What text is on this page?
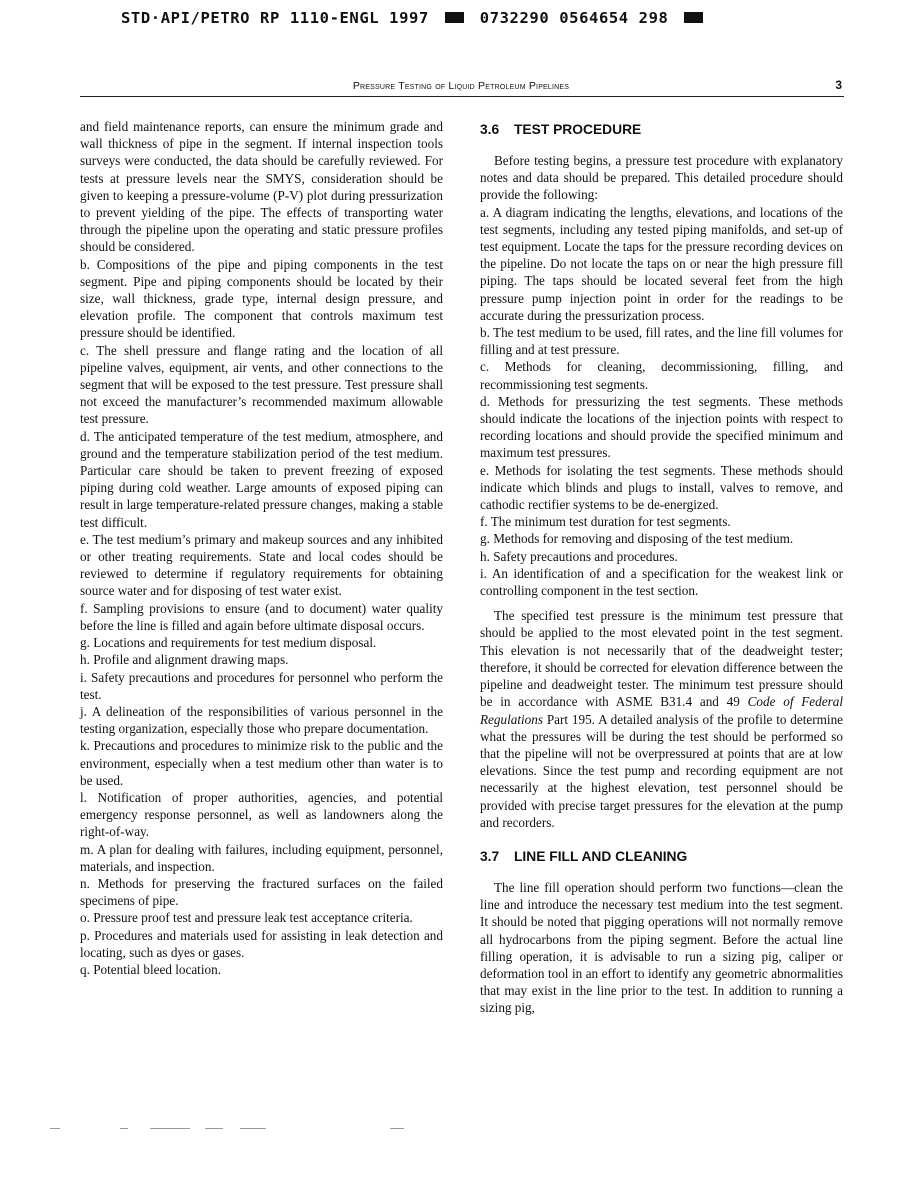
STD·API/PETRO RP 1110-ENGL 1997	0732290 0564654 298
Pressure Testing of Liquid Petroleum Pipelines	3

and field maintenance reports, can ensure the minimum grade and wall thickness of pipe in the segment. If internal inspection tools surveys were conducted, the data should be carefully reviewed. For tests at pressure levels near the SMYS, consideration should be given to keeping a pressure-volume (P-V) plot during pressurization to prevent yielding of the pipe. The effects of transporting water through the pipeline upon the operating and static pressure profiles should be considered.

b. Compositions of the pipe and piping components in the test segment. Pipe and piping components should be located by their size, wall thickness, grade type, internal design pressure, and elevation profile. The component that controls maximum test pressure should be identified.

c. The shell pressure and flange rating and the location of all pipeline valves, equipment, air vents, and other connections to the segment that will be exposed to the test pressure. Test pressure shall not exceed the manufacturer’s recommended maximum allowable test pressure.

d. The anticipated temperature of the test medium, atmosphere, and ground and the temperature stabilization period of the test medium. Particular care should be taken to prevent freezing of exposed piping during cold weather. Large amounts of exposed piping can result in large temperature-related pressure changes, making a stable test difficult.

e. The test medium’s primary and makeup sources and any inhibited or other treating requirements. State and local codes should be reviewed to determine if regulatory requirements for obtaining source water and for disposing of test water exist.

f. Sampling provisions to ensure (and to document) water quality before the line is filled and again before ultimate disposal occurs.

g. Locations and requirements for test medium disposal.

h. Profile and alignment drawing maps.

i. Safety precautions and procedures for personnel who perform the test.

j. A delineation of the responsibilities of various personnel in the testing organization, especially those who prepare documentation.

k. Precautions and procedures to minimize risk to the public and the environment, especially when a test medium other than water is to be used.

l. Notification of proper authorities, agencies, and potential emergency response personnel, as well as landowners along the right-of-way.

m. A plan for dealing with failures, including equipment, personnel, materials, and inspection.

n. Methods for preserving the fractured surfaces on the failed specimens of pipe.

o. Pressure proof test and pressure leak test acceptance criteria.

p. Procedures and materials used for assisting in leak detection and locating, such as dyes or gases.

q. Potential bleed location.

3.6 TEST PROCEDURE

Before testing begins, a pressure test procedure with explanatory notes and data should be prepared. This detailed procedure should provide the following:

a. A diagram indicating the lengths, elevations, and locations of the test segments, including any tested piping manifolds, and set-up of test equipment. Locate the taps for the pressure recording devices on the pipeline. Do not locate the taps on or near the high pressure fill piping. The taps should be located several feet from the high pressure pump injection point in order for the readings to be accurate during the pressurization process.

b. The test medium to be used, fill rates, and the line fill volumes for filling and at test pressure.

c. Methods for cleaning, decommissioning, filling, and recommissioning test segments.

d. Methods for pressurizing the test segments. These methods should indicate the locations of the injection points with respect to recording locations and should provide the specified minimum and maximum test pressures.

e. Methods for isolating the test segments. These methods should indicate which blinds and plugs to install, valves to remove, and cathodic rectifier systems to be de-energized.

f. The minimum test duration for test segments.

g. Methods for removing and disposing of the test medium.

h. Safety precautions and procedures.

i. An identification of and a specification for the weakest link or controlling component in the test section.

The specified test pressure is the minimum test pressure that should be applied to the most elevated point in the test segment. This elevation is not necessarily that of the deadweight tester; therefore, it should be corrected for elevation difference between the pipeline and deadweight tester. The minimum test pressure should be in accordance with ASME B31.4 and 49 Code of Federal Regulations Part 195. A detailed analysis of the profile to determine what the pressures will be during the test should be performed so that the pipeline will not be overpressured at points that are at low elevations. Since the test pump and recording equipment are not necessarily at the highest elevation, test personnel should be provided with precise target pressures for the elevation at the pump and recorders.

3.7 LINE FILL AND CLEANING

The line fill operation should perform two functions—clean the line and introduce the necessary test medium into the test segment. It should be noted that pigging operations will not normally remove all hydrocarbons from the piping segment. Before the actual line filling operation, it is advisable to run a sizing pig, caliper or deformation tool in an effort to identify any geometric abnormalities that may exist in the line prior to the test. In addition to running a sizing pig,
